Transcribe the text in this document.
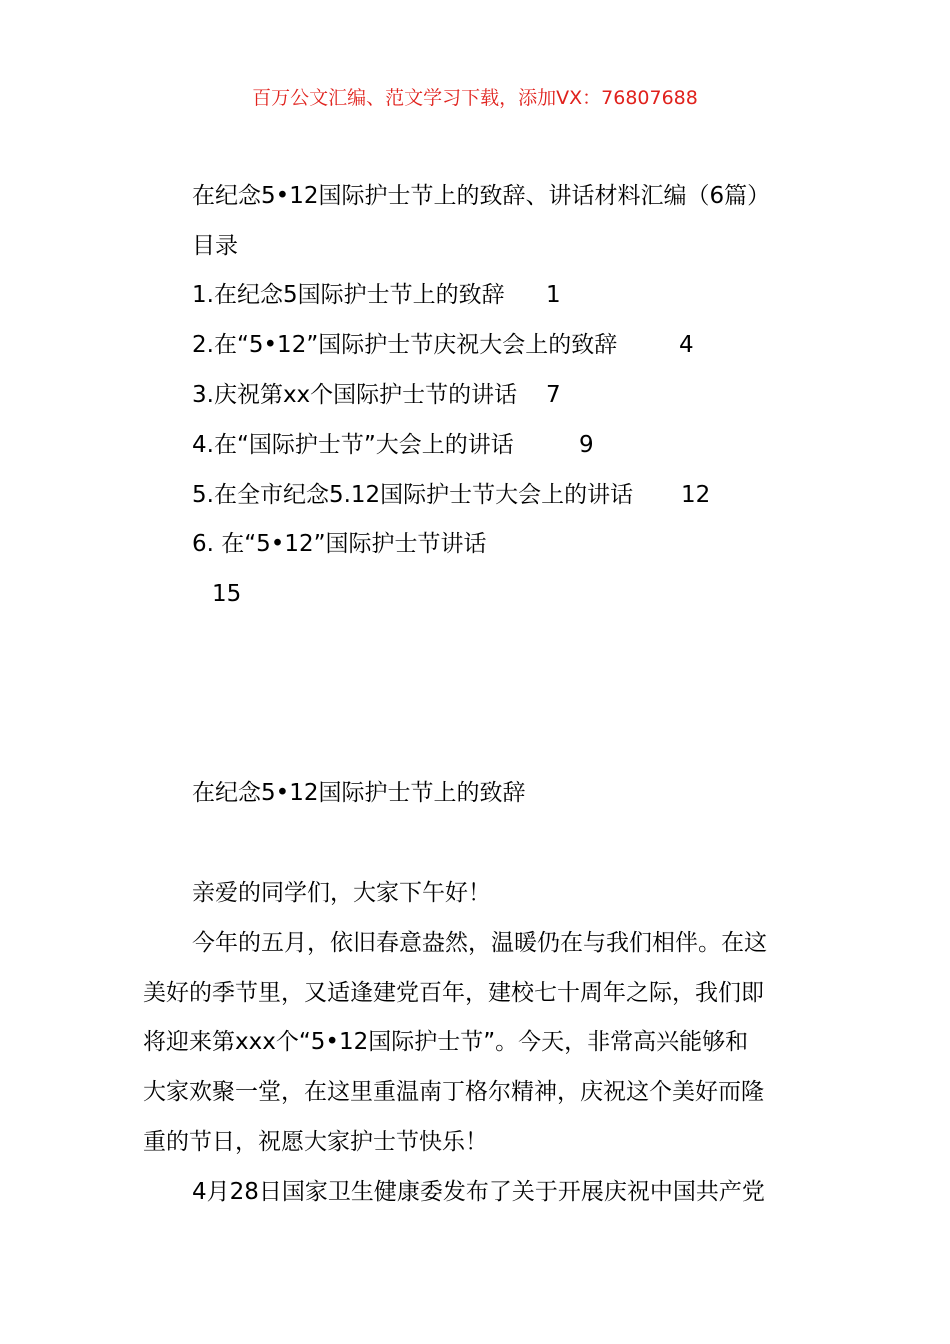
百万公文汇编、范文学习下载，添加VX：76807688
在纪念5•12国际护士节上的致辞、讲话材料汇编（6篇）
目录
1.在纪念5国际护士节上的致辞 1
2.在“5•12”国际护士节庆祝大会上的致辞	4
3.庆祝第xx个国际护士节的讲话 7
4.在“国际护士节”大会上的讲话	9
5.在全市纪念5.12国际护士节大会上的讲话 12
6. 在“5•12”国际护士节讲话
15
在纪念5•12国际护士节上的致辞
亲爱的同学们，大家下午好！
今年的五月，依旧春意盎然，温暖仍在与我们相伴。在这
美好的季节里，又适逢建党百年，建校七十周年之际，我们即
将迎来第xxx个“5•12国际护士节”。今天，非常高兴能够和
大家欢聚一堂，在这里重温南丁格尔精神，庆祝这个美好而隆
重的节日，祝愿大家护士节快乐！
4月28日国家卫生健康委发布了关于开展庆祝中国共产党
